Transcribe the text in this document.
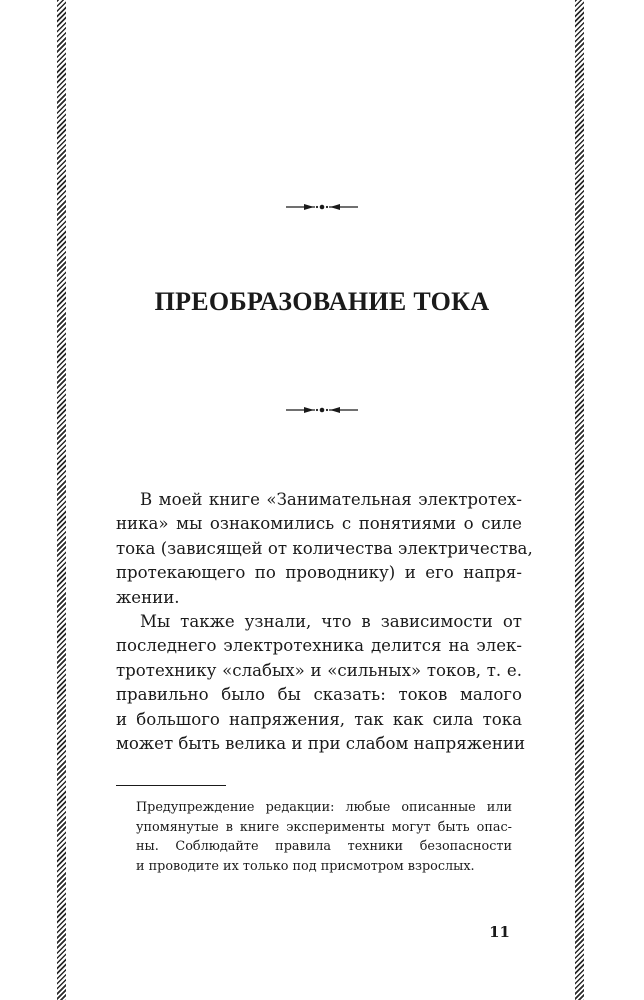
ПРЕОБРАЗОВАНИЕ ТОКА
В моей книге «Занимательная электротех-
ника» мы ознакомились с понятиями о силе
тока (зависящей от количества электричества,
протекающего по проводнику) и его напря-
жении.
Мы также узнали, что в зависимости от
последнего электротехника делится на элек-
тротехнику «слабых» и «сильных» токов, т. е.
правильно было бы сказать: токов малого
и большого напряжения, так как сила тока
может быть велика и при слабом напряжении
Предупреждение редакции: любые описанные или
упомянутые в книге эксперименты могут быть опас-
ны. Соблюдайте правила техники безопасности
и проводите их только под присмотром взрослых.
11
